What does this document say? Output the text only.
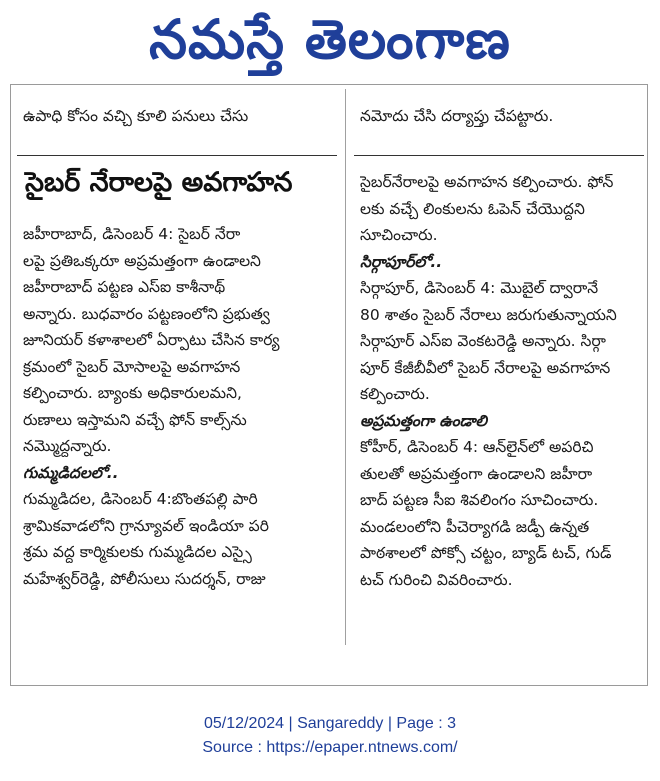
నమస్తే తెలంగాణ

ఉపాధి కోసం వచ్చి కూలి పనులు చేసు

సైబర్ నేరాలపై అవగాహన

జహీరాబాద్, డిసెంబర్ 4: సైబర్ నేరా

లపై ప్రతిఒక్కరూ అప్రమత్తంగా ఉండాలని

జహీరాబాద్ పట్టణ ఎస్ఐ కాశీనాథ్

అన్నారు. బుధవారం పట్టణంలోని ప్రభుత్వ

జూనియర్ కళాశాలలో ఏర్పాటు చేసిన కార్య

క్రమంలో సైబర్ మోసాలపై అవగాహన

కల్పించారు. బ్యాంకు అధికారులమని,

రుణాలు ఇస్తామని వచ్చే ఫోన్ కాల్స్‌ను

నమ్మొద్దన్నారు.

గుమ్మడిదలలో..

గుమ్మడిదల, డిసెంబర్ 4:బొంతపల్లి పారి

శ్రామికవాడలోని గ్రాన్యూవల్ ఇండియా పరి

శ్రమ వద్ద కార్మికులకు గుమ్మడిదల ఎస్సై

మహేశ్వర్‌రెడ్డి, పోలీసులు సుదర్శన్, రాజు

నమోదు చేసి దర్యాప్తు చేపట్టారు.

సైబర్‌నేరాలపై అవగాహన కల్పించారు. ఫోన్

లకు వచ్చే లింకులను ఓపెన్ చేయొద్దని

సూచించారు.

సిర్గాపూర్‌లో..

సిర్గాపూర్, డిసెంబర్ 4: మొబైల్ ద్వారానే

80 శాతం సైబర్ నేరాలు జరుగుతున్నాయని

సిర్గాపూర్ ఎస్ఐ వెంకటరెడ్డి అన్నారు. సిర్గా

పూర్ కేజీబీవీలో సైబర్ నేరాలపై అవగాహన

కల్పించారు.

అప్రమత్తంగా ఉండాలి

కోహీర్, డిసెంబర్ 4: ఆన్‌లైన్‌లో అపరిచి

తులతో అప్రమత్తంగా ఉండాలని జహీరా

బాద్ పట్టణ సీఐ శివలింగం సూచించారు.

మండలంలోని పీచెర్యాగడి జడ్పీ ఉన్నత

పాఠశాలలో పోక్సో చట్టం, బ్యాడ్ టచ్, గుడ్

టచ్ గురించి వివరించారు.

05/12/2024 | Sangareddy | Page : 3
Source : https://epaper.ntnews.com/
